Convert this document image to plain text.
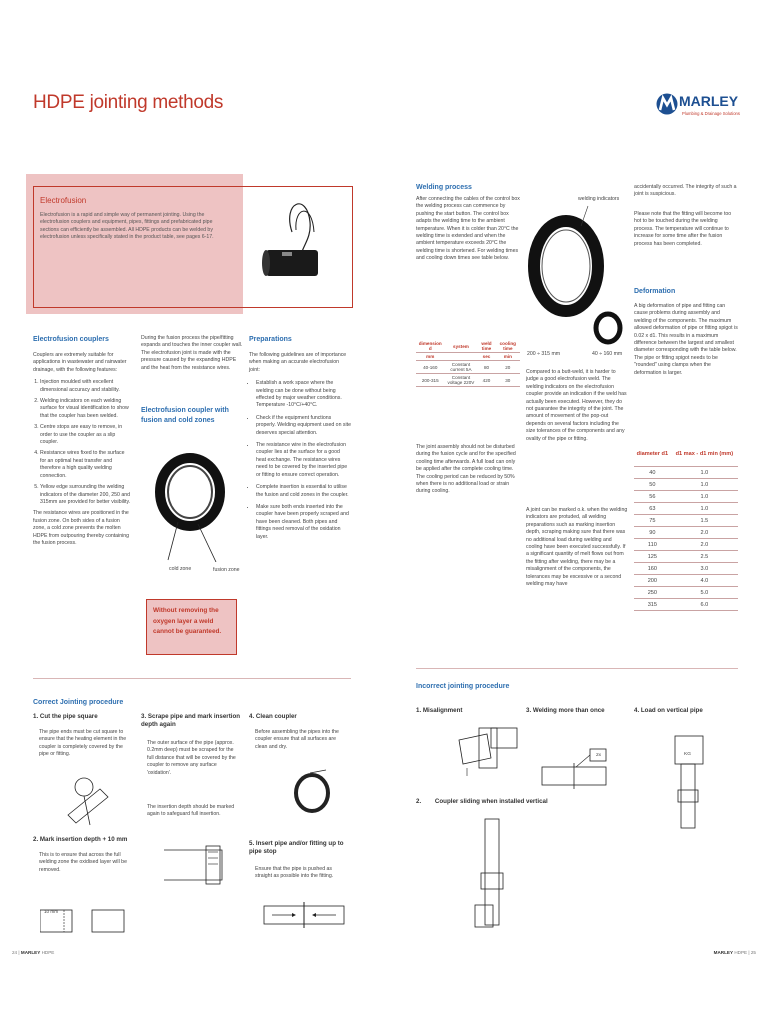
HDPE jointing methods	MARLEY
Plumbing & Drainage Solutions
Electrofusion
Electrofusion is a rapid and simple way of permanent jointing. Using the electrofusion couplers and equipment, pipes, fittings and prefabricated pipe sections can efficiently be assembled. All HDPE products can be welded by electrofusion unless specifically stated in the product table, see pages 6-17.
Electrofusion couplers
Couplers are extremely suitable for applications in wastewater and rainwater drainage, with the following features:
1. Injection moulded with excellent dimensional accuracy and stability.
2. Welding indicators on each welding surface for visual identification to show that the coupler has been welded.
3. Centre stops are easy to remove, in order to use the coupler as a slip coupler.
4. Resistance wires fixed to the surface for an optimal heat transfer and therefore a high quality welding connection.
5. Yellow edge surrounding the welding indicators of the diameter 200, 250 and 315mm are provided for better visibility.
The resistance wires are positioned in the fusion zone. On both sides of a fusion zone, a cold zone prevents the molten HDPE from outpouring thereby containing the fusion process.
During the fusion process the pipe/fitting expands and touches the inner coupler wall. The electrofusion joint is made with the pressure caused by the expanding HDPE and the heat from the resistance wires.
Electrofusion coupler with fusion and cold zones
cold zone	fusion zone
Without removing the oxygen layer a weld cannot be guaranteed.
Preparations
The following guidelines are of importance when making an accurate electrofusion joint:
• Establish a work space where the welding can be done without being effected by major weather conditions. Temperature -10°C/+40°C.
• Check if the equipment functions properly. Welding equipment used on site deserves special attention.
• The resistance wire in the electrofusion coupler lies at the surface for a good heat exchange. The resistance wires need to be covered by the inserted pipe or fitting to ensure correct operation.
• Complete insertion is essential to utilise the fusion and cold zones in the coupler.
• Make sure both ends inserted into the coupler have been properly scraped and have been cleaned. Both pipes and fittings need removal of the oxidation layer.
Welding process
After connecting the cables of the control box the welding process can commence by pushing the start button. The control box adapts the welding time to the ambient temperature. When it is colder than 20°C the welding time is extended and when the ambient temperature exceeds 20°C the welding time is shortened. For welding times and cooling down times see table below.
welding indicators
200 ÷ 315 mm	40 ÷ 160 mm
dimension d	system	weld time	cooling time
mm		sec	min
40-160	Constant current 5A	80	20
200-315	Constant voltage 220V	420	30
The joint assembly should not be disturbed during the fusion cycle and for the specified cooling time afterwards. A full load can only be applied after the complete cooling time. The cooling period can be reduced by 50% when there is no additional load or strain during cooling.
Compared to a butt-weld, it is harder to judge a good electrofusion weld. The welding indicators on the electrofusion coupler provide an indication if the weld has actually been executed. However, they do not guarantee the integrity of the joint. The amount of movement of the pop-out depends on several factors including the size tolerances of the components and any ovality of the pipe or fitting.
A joint can be marked o.k. when the welding indicators are protuded, all welding preparations such as marking insertion depth, scraping making sure that there was no additional load during welding and cooling have been executed successfully. If a significant quantity of melt flows out from the fitting after welding, there may be a misalignment of the components, the tolerances may be excessive or a second welding may have
accidentally occurred. The integrity of such a joint is suspicious.
Please note that the fitting will become too hot to be touched during the welding process. The temperature will continue to increase for some time after the fusion process has been completed.
Deformation
A big deformation of pipe and fitting can cause problems during assembly and welding of the components. The maximum allowed deformation of pipe or fitting spigot is 0.02 x d1. This results in a maximum difference between the largest and smallest diameter corresponding with the table below. The pipe or fitting spigot needs to be "rounded" using clamps when the deformation is larger.
diameter d1	d1 max - d1 min (mm)
40	1.0
50	1.0
56	1.0
63	1.0
75	1.5
90	2.0
110	2.0
125	2.5
160	3.0
200	4.0
250	5.0
315	6.0
Correct Jointing procedure
1. Cut the pipe square
The pipe ends must be cut square to ensure that the heating element in the coupler is completely covered by the pipe or fitting.
2. Mark insertion depth + 10 mm
This is to ensure that across the full welding zone the oxidised layer will be removed.
10 mm
3. Scrape pipe and mark insertion depth again
The outer surface of the pipe (approx. 0.2mm deep) must be scraped for the full distance that will be covered by the coupler to remove any surface 'oxidation'.
The insertion depth should be marked again to safeguard full insertion.
4. Clean coupler
Before assembling the pipes into the coupler ensure that all surfaces are clean and dry.
5. Insert pipe and/or fitting up to pipe stop
Ensure that the pipe is pushed as straight as possible into the fitting.
Incorrect jointing procedure
1. Misalignment	3. Welding more than once
2x
4. Load on vertical pipe
KG
2.        Coupler sliding when installed vertical
24 | MARLEY HDPE	MARLEY HDPE | 25
